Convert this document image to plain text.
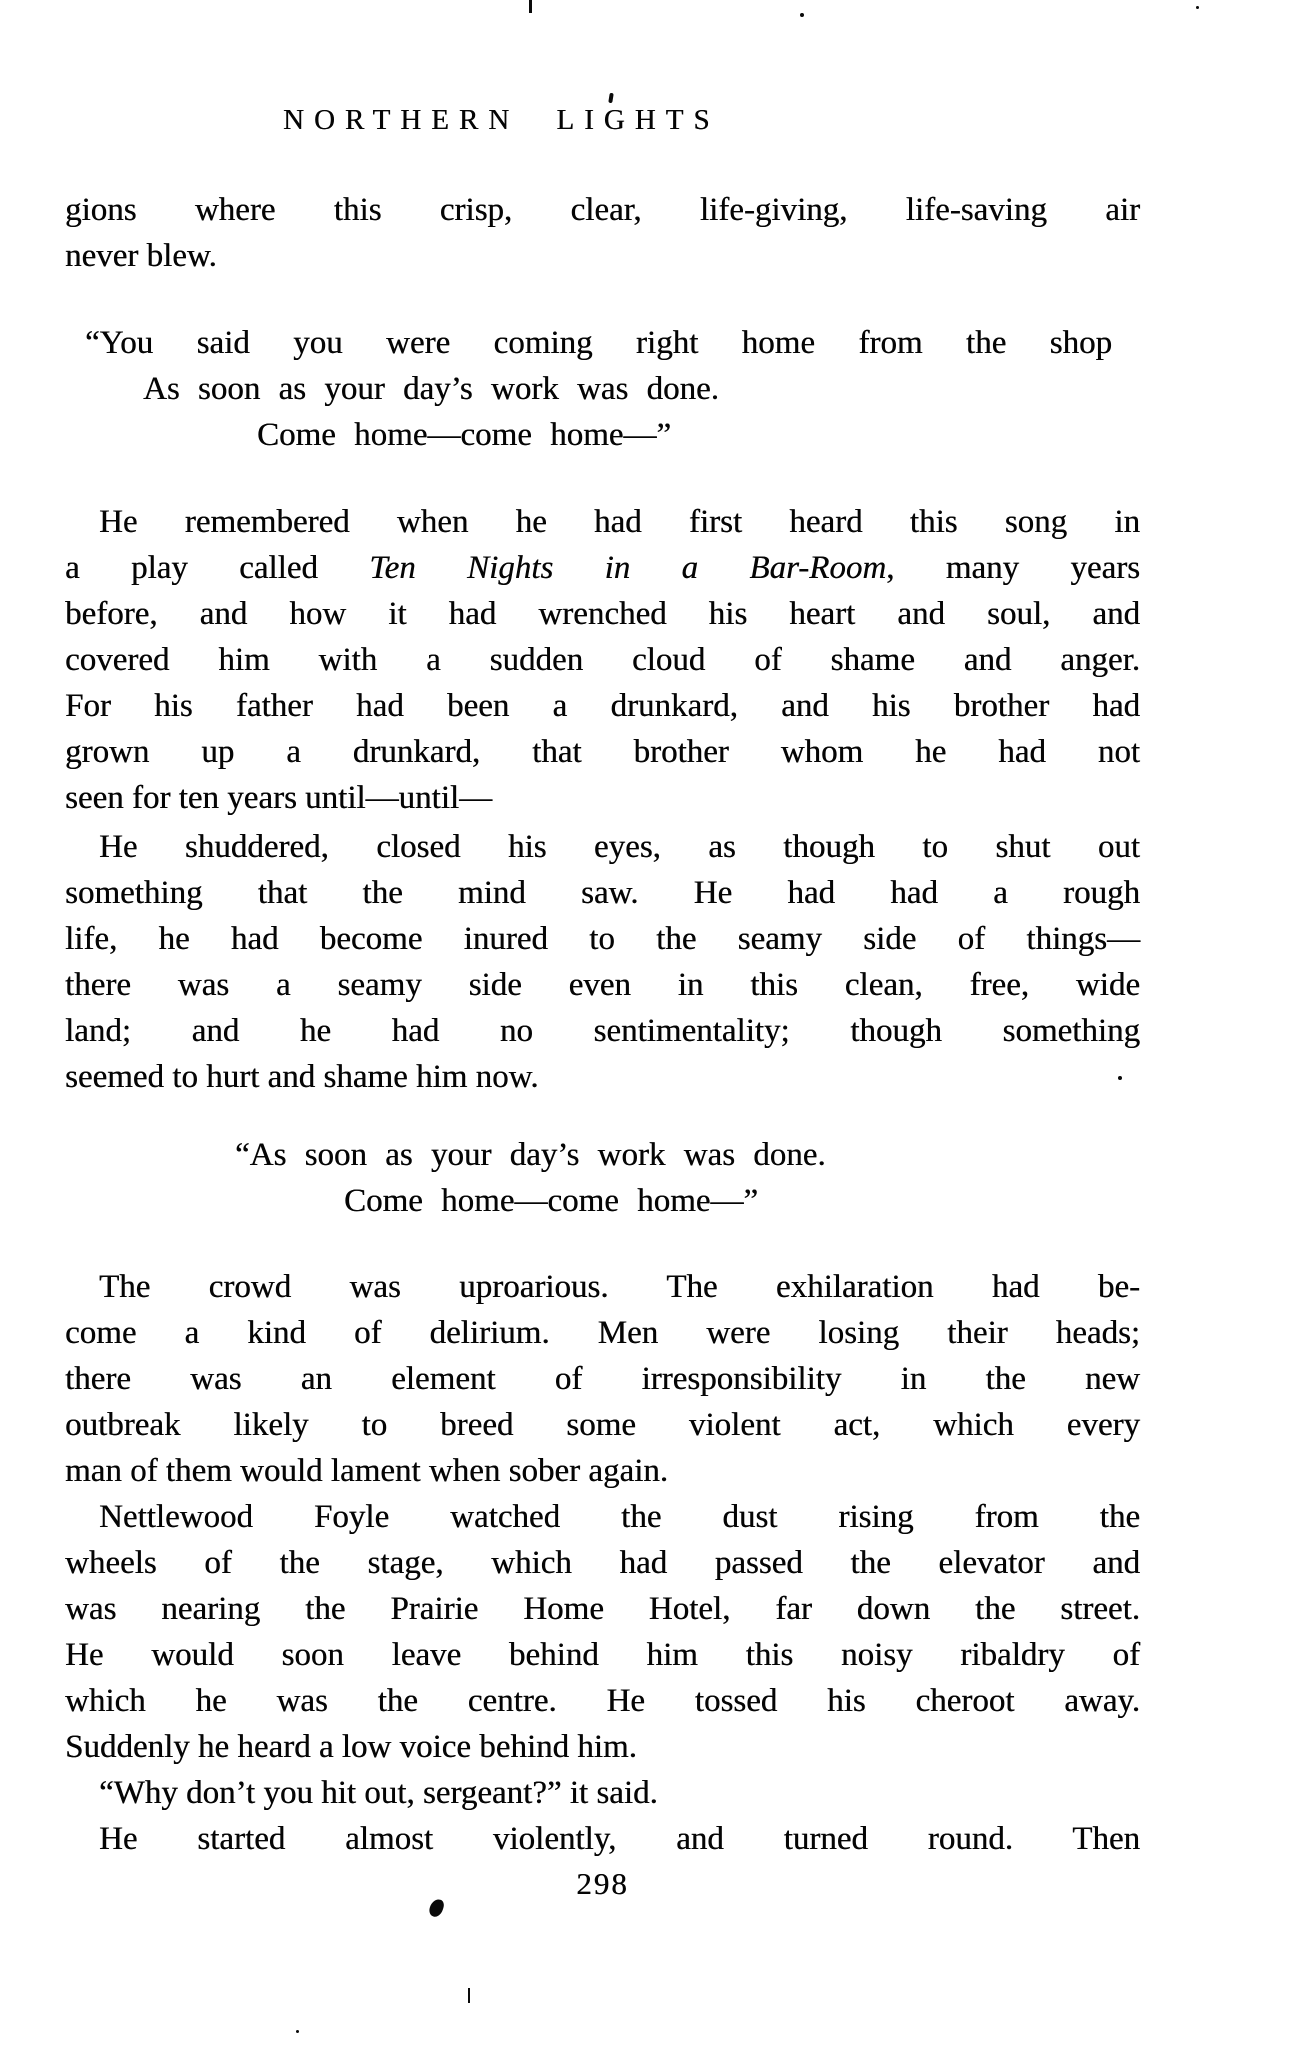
NORTHERN LIGHTS
gions where this crisp, clear, life-giving, life-saving air
never blew.
“You said you were coming right home from the shop
As soon as your day’s work was done.
Come home—come home—”
He remembered when he had first heard this song in
a play called Ten Nights in a Bar-Room, many years
before, and how it had wrenched his heart and soul, and
covered him with a sudden cloud of shame and anger.
For his father had been a drunkard, and his brother had
grown up a drunkard, that brother whom he had not
seen for ten years until—until—
He shuddered, closed his eyes, as though to shut out
something that the mind saw. He had had a rough
life, he had become inured to the seamy side of things—
there was a seamy side even in this clean, free, wide
land; and he had no sentimentality; though something
seemed to hurt and shame him now.
“As soon as your day’s work was done.
Come home—come home—”
The crowd was uproarious. The exhilaration had be-
come a kind of delirium. Men were losing their heads;
there was an element of irresponsibility in the new
outbreak likely to breed some violent act, which every
man of them would lament when sober again.
Nettlewood Foyle watched the dust rising from the
wheels of the stage, which had passed the elevator and
was nearing the Prairie Home Hotel, far down the street.
He would soon leave behind him this noisy ribaldry of
which he was the centre. He tossed his cheroot away.
Suddenly he heard a low voice behind him.
“Why don’t you hit out, sergeant?” it said.
He started almost violently, and turned round. Then
298
